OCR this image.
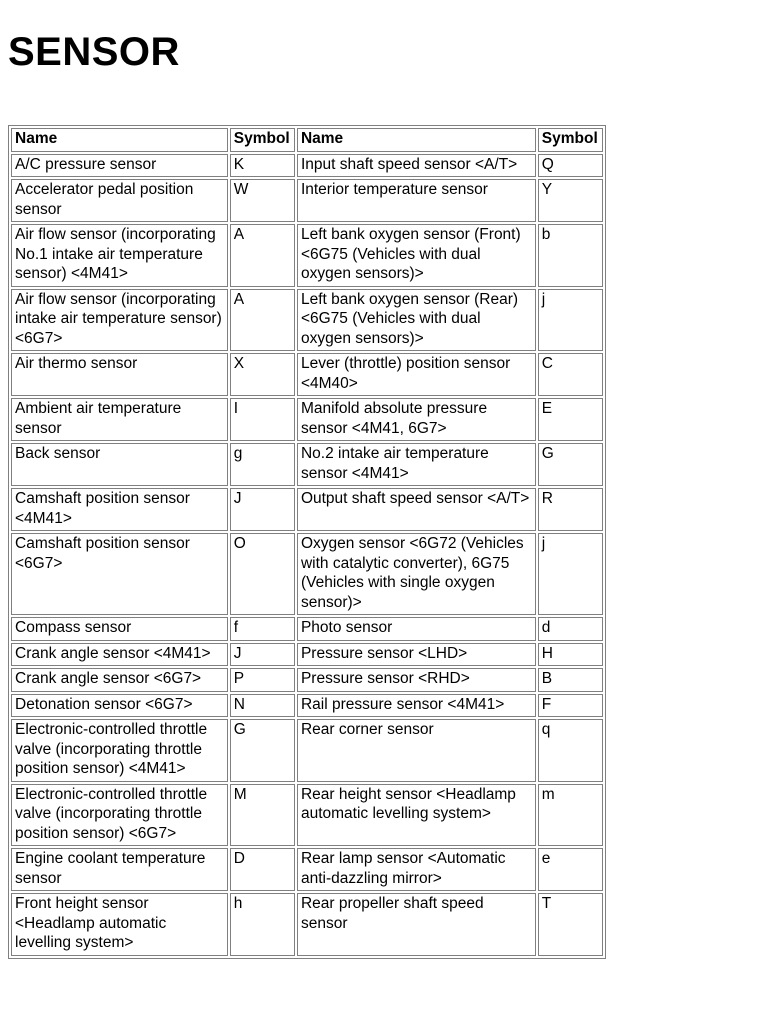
SENSOR
Name	Symbol	Name	Symbol
A/C pressure sensor	K	Input shaft speed sensor <A/T>	Q
Accelerator pedal position sensor	W	Interior temperature sensor	Y
Air flow sensor (incorporating No.1 intake air temperature sensor) <4M41>	A	Left bank oxygen sensor (Front) <6G75 (Vehicles with dual oxygen sensors)>	b
Air flow sensor (incorporating intake air temperature sensor) <6G7>	A	Left bank oxygen sensor (Rear) <6G75 (Vehicles with dual oxygen sensors)>	j
Air thermo sensor	X	Lever (throttle) position sensor <4M40>	C
Ambient air temperature sensor	I	Manifold absolute pressure sensor <4M41, 6G7>	E
Back sensor	g	No.2 intake air temperature sensor <4M41>	G
Camshaft position sensor <4M41>	J	Output shaft speed sensor <A/T>	R
Camshaft position sensor <6G7>	O	Oxygen sensor <6G72 (Vehicles with catalytic converter), 6G75 (Vehicles with single oxygen sensor)>	j
Compass sensor	f	Photo sensor	d
Crank angle sensor <4M41>	J	Pressure sensor <LHD>	H
Crank angle sensor <6G7>	P	Pressure sensor <RHD>	B
Detonation sensor <6G7>	N	Rail pressure sensor <4M41>	F
Electronic-controlled throttle valve (incorporating throttle position sensor) <4M41>	G	Rear corner sensor	q
Electronic-controlled throttle valve (incorporating throttle position sensor) <6G7>	M	Rear height sensor <Headlamp automatic levelling system>	m
Engine coolant temperature sensor	D	Rear lamp sensor <Automatic anti-dazzling mirror>	e
Front height sensor <Headlamp automatic levelling system>	h	Rear propeller shaft speed sensor	T
